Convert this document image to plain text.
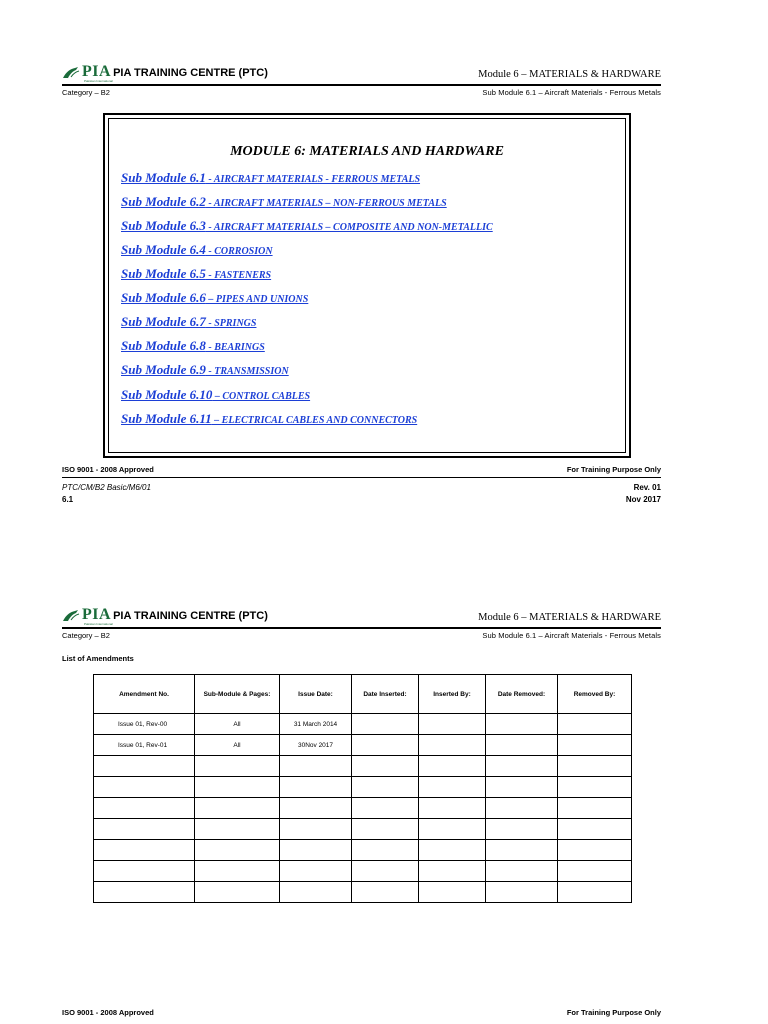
PIA
Pakistan International
PIA TRAINING CENTRE (PTC)	Module 6 – MATERIALS & HARDWARE
Category – B2	Sub Module 6.1 – Aircraft Materials - Ferrous Metals
MODULE 6: MATERIALS AND HARDWARE
Sub Module 6.1 - AIRCRAFT MATERIALS - FERROUS METALS
Sub Module 6.2 - AIRCRAFT MATERIALS – NON-FERROUS METALS
Sub Module 6.3 - AIRCRAFT MATERIALS – COMPOSITE AND NON-METALLIC
Sub Module 6.4 - CORROSION
Sub Module 6.5 - FASTENERS
Sub Module 6.6 – PIPES AND UNIONS
Sub Module 6.7 - SPRINGS
Sub Module 6.8 - BEARINGS
Sub Module 6.9 - TRANSMISSION
Sub Module 6.10 – CONTROL CABLES
Sub Module 6.11 – ELECTRICAL CABLES AND CONNECTORS
ISO 9001 - 2008 Approved	For Training Purpose Only
PTC/CM/B2 Basic/M6/01
6.1
Rev. 01
Nov 2017
PIA
Pakistan International
PIA TRAINING CENTRE (PTC)	Module 6 – MATERIALS & HARDWARE
Category – B2	Sub Module 6.1 – Aircraft Materials - Ferrous Metals
List of Amendments
Amendment No.	Sub-Module & Pages:	Issue Date:	Date Inserted:	Inserted By:	Date Removed:	Removed By:
Issue 01, Rev-00	All	31 March 2014				
Issue 01, Rev-01	All	30Nov 2017				

ISO 9001 - 2008 Approved	For Training Purpose Only
